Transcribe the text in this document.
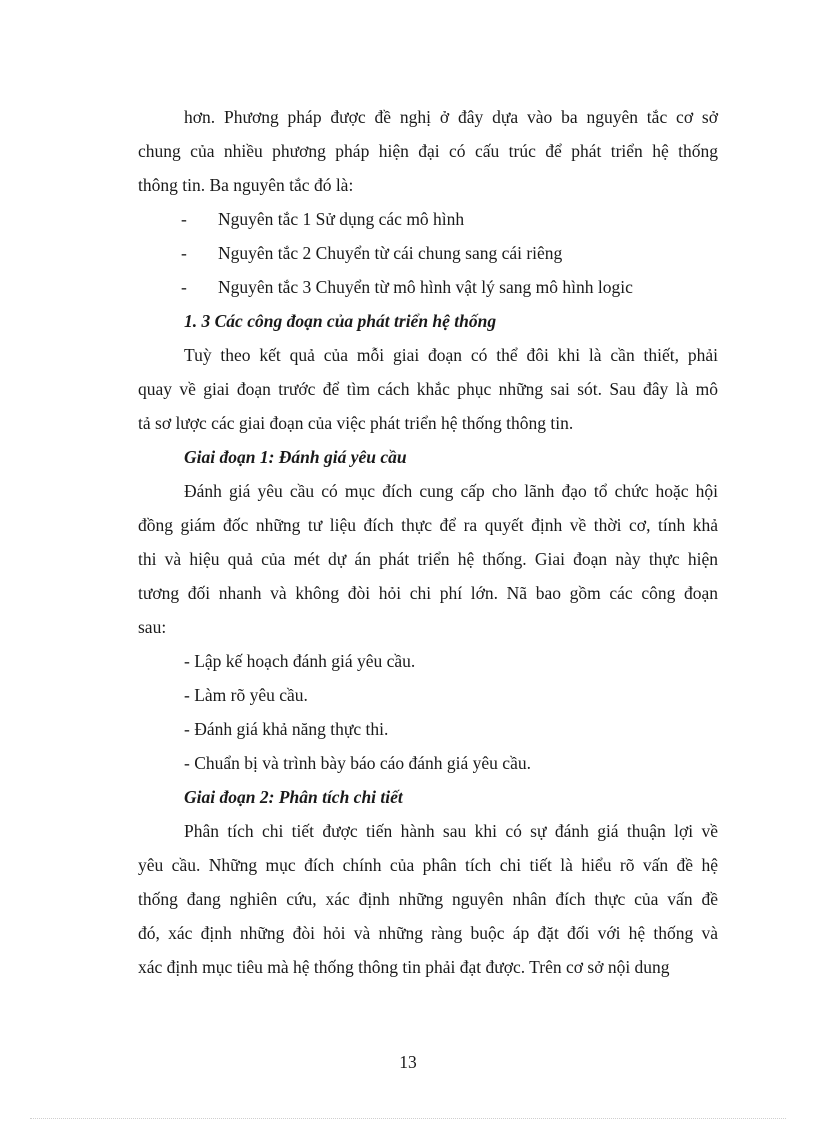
hơn. Phương pháp được đề nghị ở đây dựa vào ba nguyên tắc cơ sở
chung của nhiều phương pháp hiện đại có cấu trúc để phát triển hệ thống
thông tin. Ba nguyên tắc đó là:
- Nguyên tắc 1 Sử dụng các mô hình
- Nguyên tắc 2 Chuyển từ cái chung sang cái riêng
- Nguyên tắc 3 Chuyển từ mô hình vật lý sang mô hình logic
1. 3 Các công đoạn của phát triển hệ thống
Tuỳ theo kết quả của mỗi giai đoạn có thể đôi khi là cần thiết, phải
quay về giai đoạn trước để tìm cách khắc phục những sai sót. Sau đây là mô
tả sơ lược các giai đoạn của việc phát triển hệ thống thông tin.
Giai đoạn 1: Đánh giá yêu cầu
Đánh giá yêu cầu có mục đích cung cấp cho lãnh đạo tổ chức hoặc hội
đồng giám đốc những tư liệu đích thực để ra quyết định về thời cơ, tính khả
thi và hiệu quả của mét dự án phát triển hệ thống. Giai đoạn này thực hiện
tương đối nhanh và không đòi hỏi chi phí lớn. Nã bao gồm các công đoạn
sau:
- Lập kế hoạch đánh giá yêu cầu.
- Làm rõ yêu cầu.
- Đánh giá khả năng thực thi.
- Chuẩn bị và trình bày báo cáo đánh giá yêu cầu.
Giai đoạn 2: Phân tích chi tiết
Phân tích chi tiết được tiến hành sau khi có sự đánh giá thuận lợi về
yêu cầu. Những mục đích chính của phân tích chi tiết là hiểu rõ vấn đề hệ
thống đang nghiên cứu, xác định những nguyên nhân đích thực của vấn đề
đó, xác định những đòi hỏi và những ràng buộc áp đặt đối với hệ thống và
xác định mục tiêu mà hệ thống thông tin phải đạt được. Trên cơ sở nội dung
13
